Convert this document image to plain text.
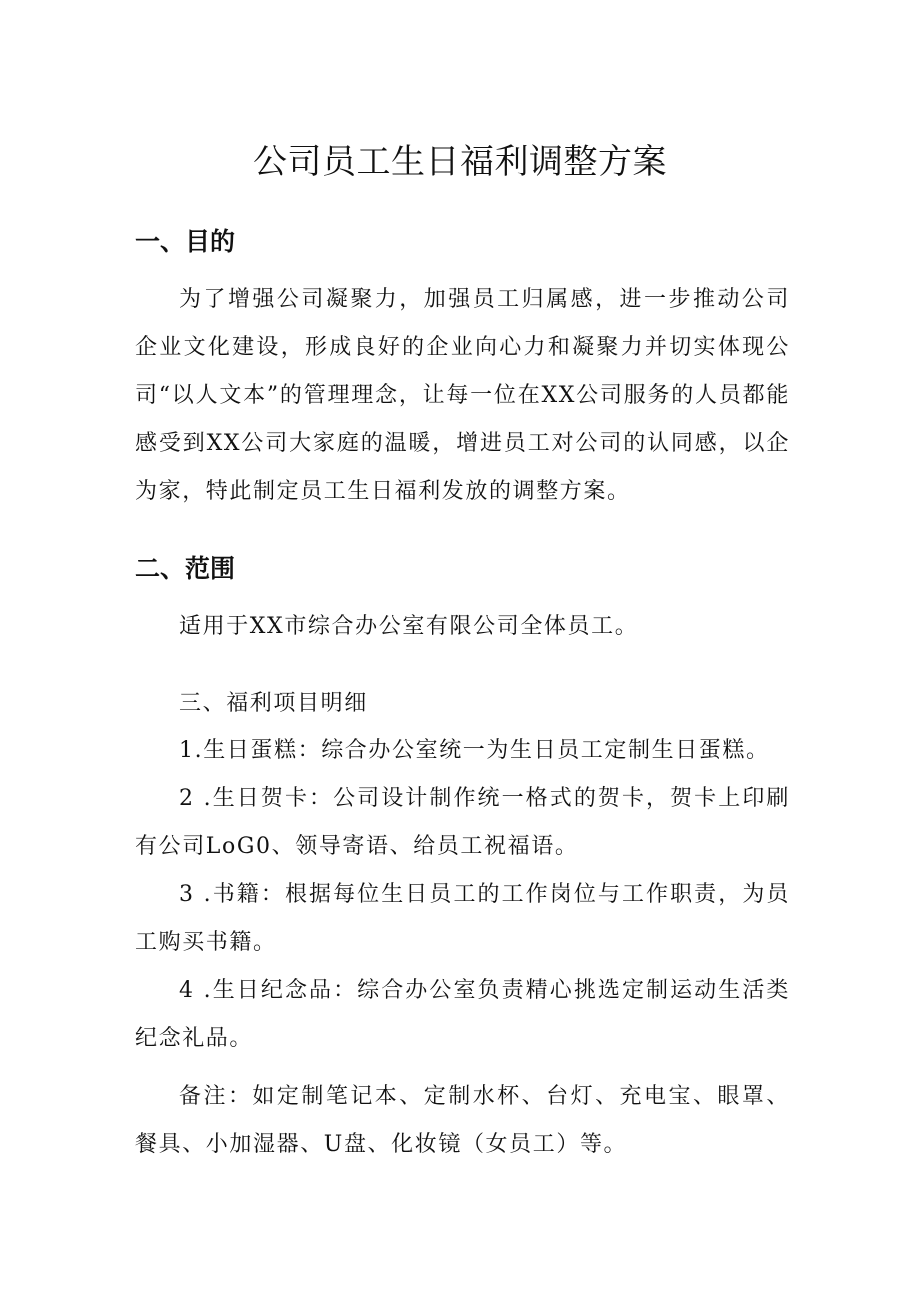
公司员工生日福利调整方案
一、目的

为了增强公司凝聚力，加强员工归属感，进一步推动公司企业文化建设，形成良好的企业向心力和凝聚力并切实体现公司“以人文本”的管理理念，让每一位在XX公司服务的人员都能感受到XX公司大家庭的温暖，增进员工对公司的认同感，以企为家，特此制定员工生日福利发放的调整方案。

二、范围

适用于XX市综合办公室有限公司全体员工。

三、福利项目明细

1.生日蛋糕：综合办公室统一为生日员工定制生日蛋糕。

2 .生日贺卡：公司设计制作统一格式的贺卡，贺卡上印刷有公司LoG0、领导寄语、给员工祝福语。

3 .书籍：根据每位生日员工的工作岗位与工作职责，为员工购买书籍。

4 .生日纪念品：综合办公室负责精心挑选定制运动生活类纪念礼品。

备注：如定制笔记本、定制水杯、台灯、充电宝、眼罩、餐具、小加湿器、U盘、化妆镜（女员工）等。
